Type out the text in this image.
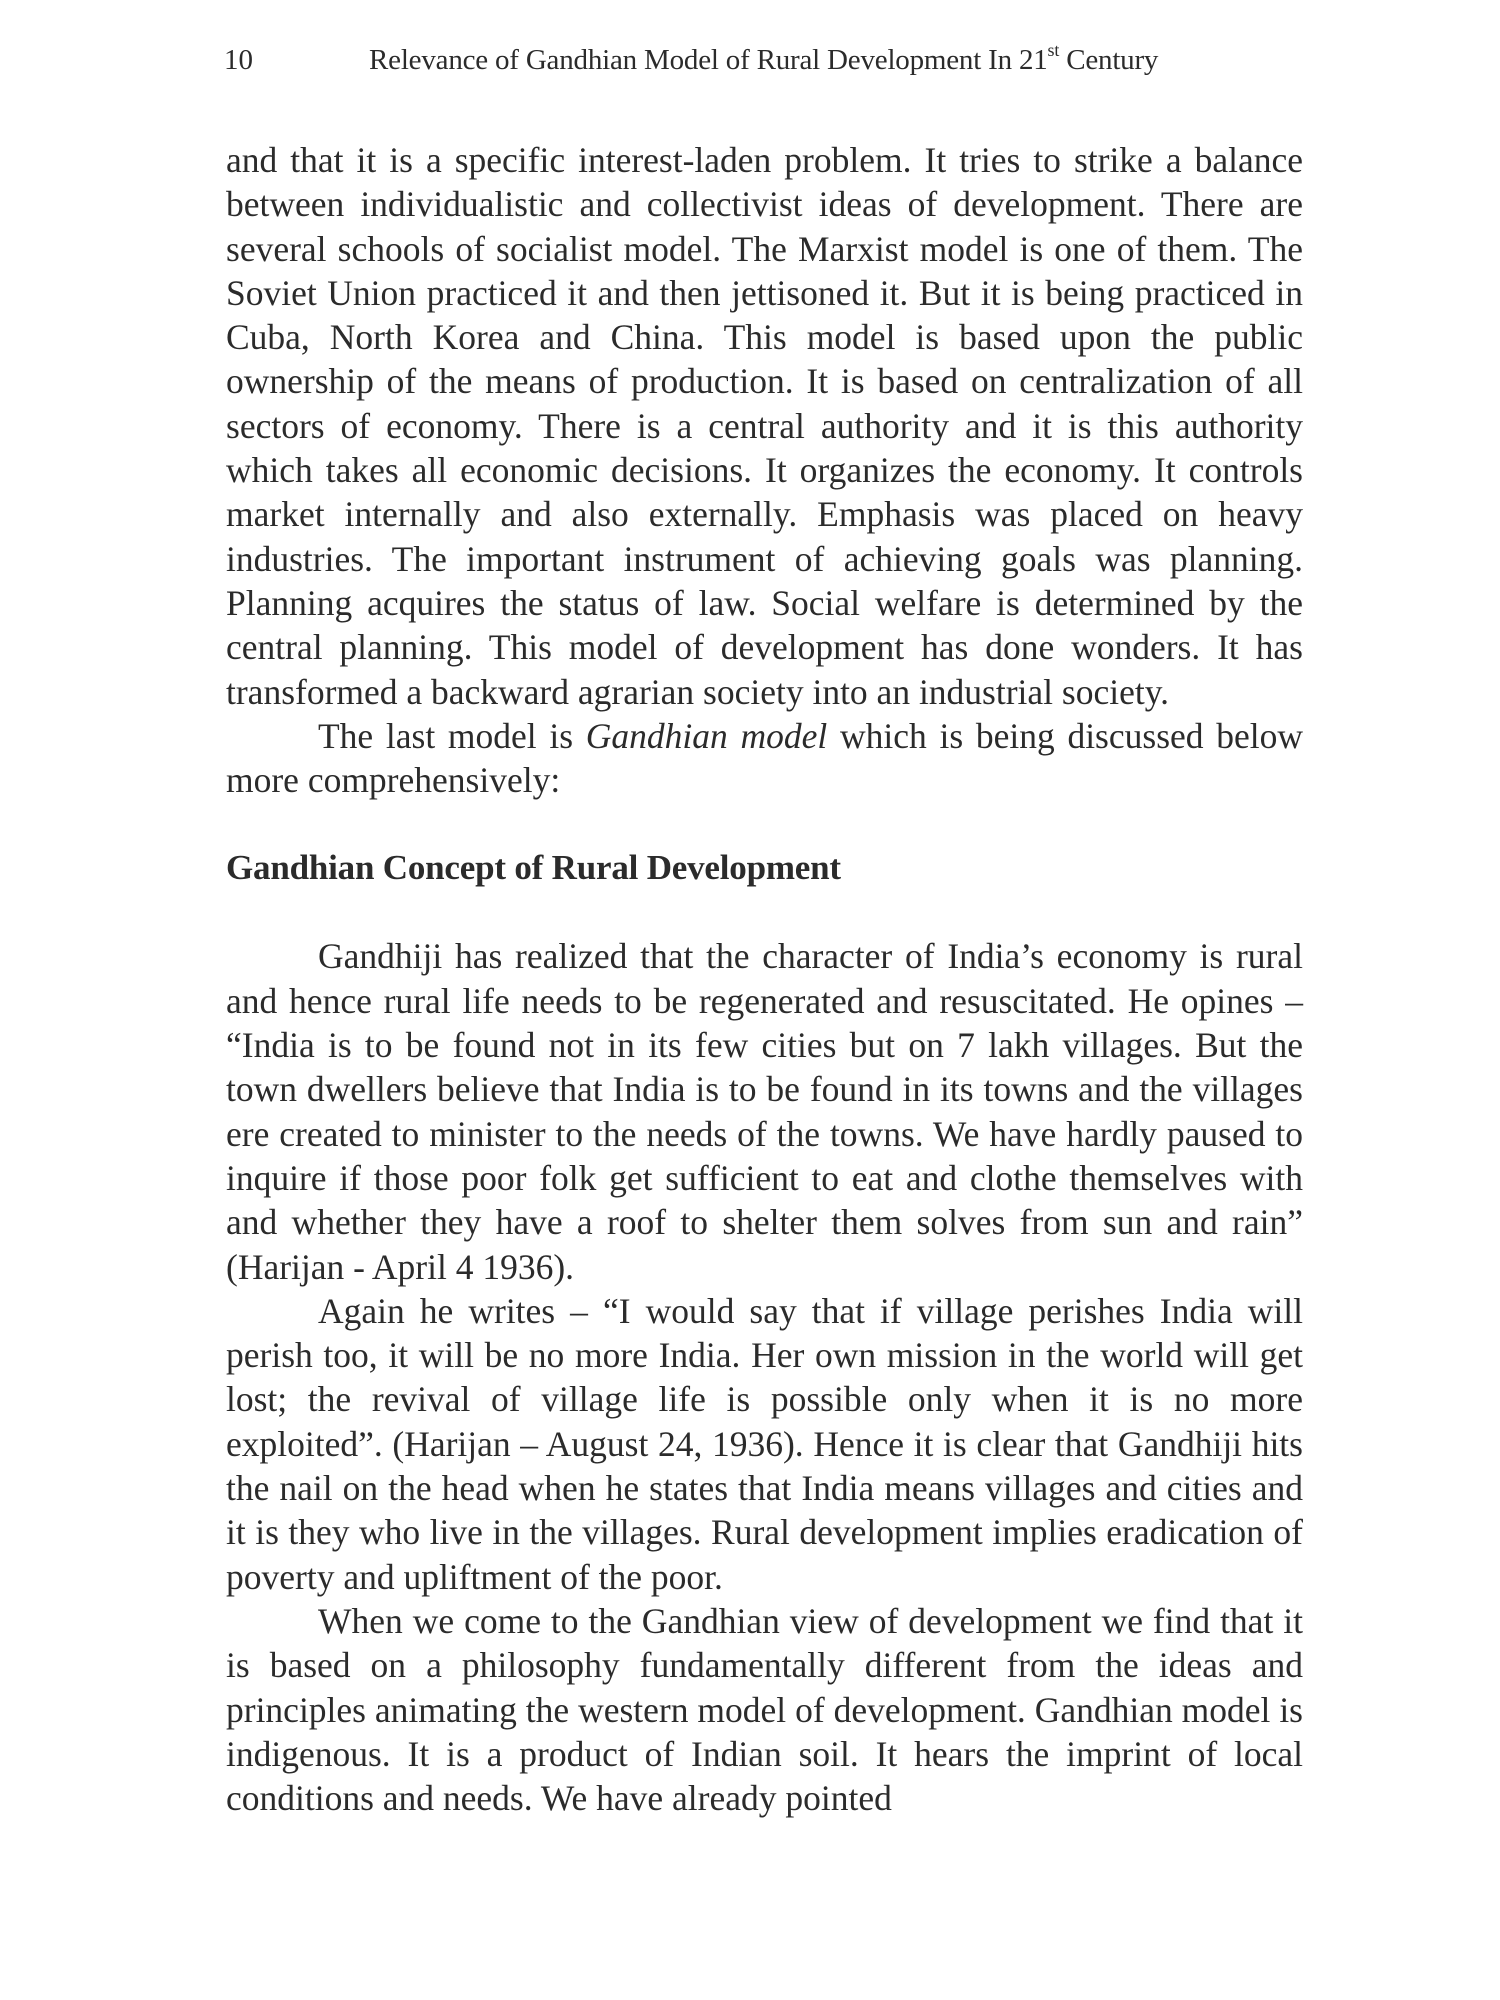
10	Relevance of Gandhian Model of Rural Development In 21st Century

and that it is a specific interest-laden problem. It tries to strike a balance between individualistic and collectivist ideas of development. There are several schools of socialist model. The Marxist model is one of them. The Soviet Union practiced it and then jettisoned it. But it is being practiced in Cuba, North Korea and China. This model is based upon the public ownership of the means of production. It is based on centralization of all sectors of economy. There is a central authority and it is this authority which takes all economic decisions. It organizes the economy. It controls market internally and also externally. Emphasis was placed on heavy industries. The important instrument of achieving goals was planning. Planning acquires the status of law. Social welfare is determined by the central planning. This model of development has done wonders. It has transformed a backward agrarian society into an industrial society.

The last model is Gandhian model which is being discussed below more comprehensively:

Gandhian Concept of Rural Development

Gandhiji has realized that the character of India’s economy is rural and hence rural life needs to be regenerated and resuscitated. He opines – “India is to be found not in its few cities but on 7 lakh villages. But the town dwellers believe that India is to be found in its towns and the villages ere created to minister to the needs of the towns. We have hardly paused to inquire if those poor folk get sufficient to eat and clothe themselves with and whether they have a roof to shelter them solves from sun and rain” (Harijan - April 4 1936).

Again he writes – “I would say that if village perishes India will perish too, it will be no more India. Her own mission in the world will get lost; the revival of village life is possible only when it is no more exploited”. (Harijan – August 24, 1936). Hence it is clear that Gandhiji hits the nail on the head when he states that India means villages and cities and it is they who live in the villages. Rural development implies eradication of poverty and upliftment of the poor.

When we come to the Gandhian view of development we find that it is based on a philosophy fundamentally different from the ideas and principles animating the western model of development. Gandhian model is indigenous. It is a product of Indian soil. It hears the imprint of local conditions and needs. We have already pointed
